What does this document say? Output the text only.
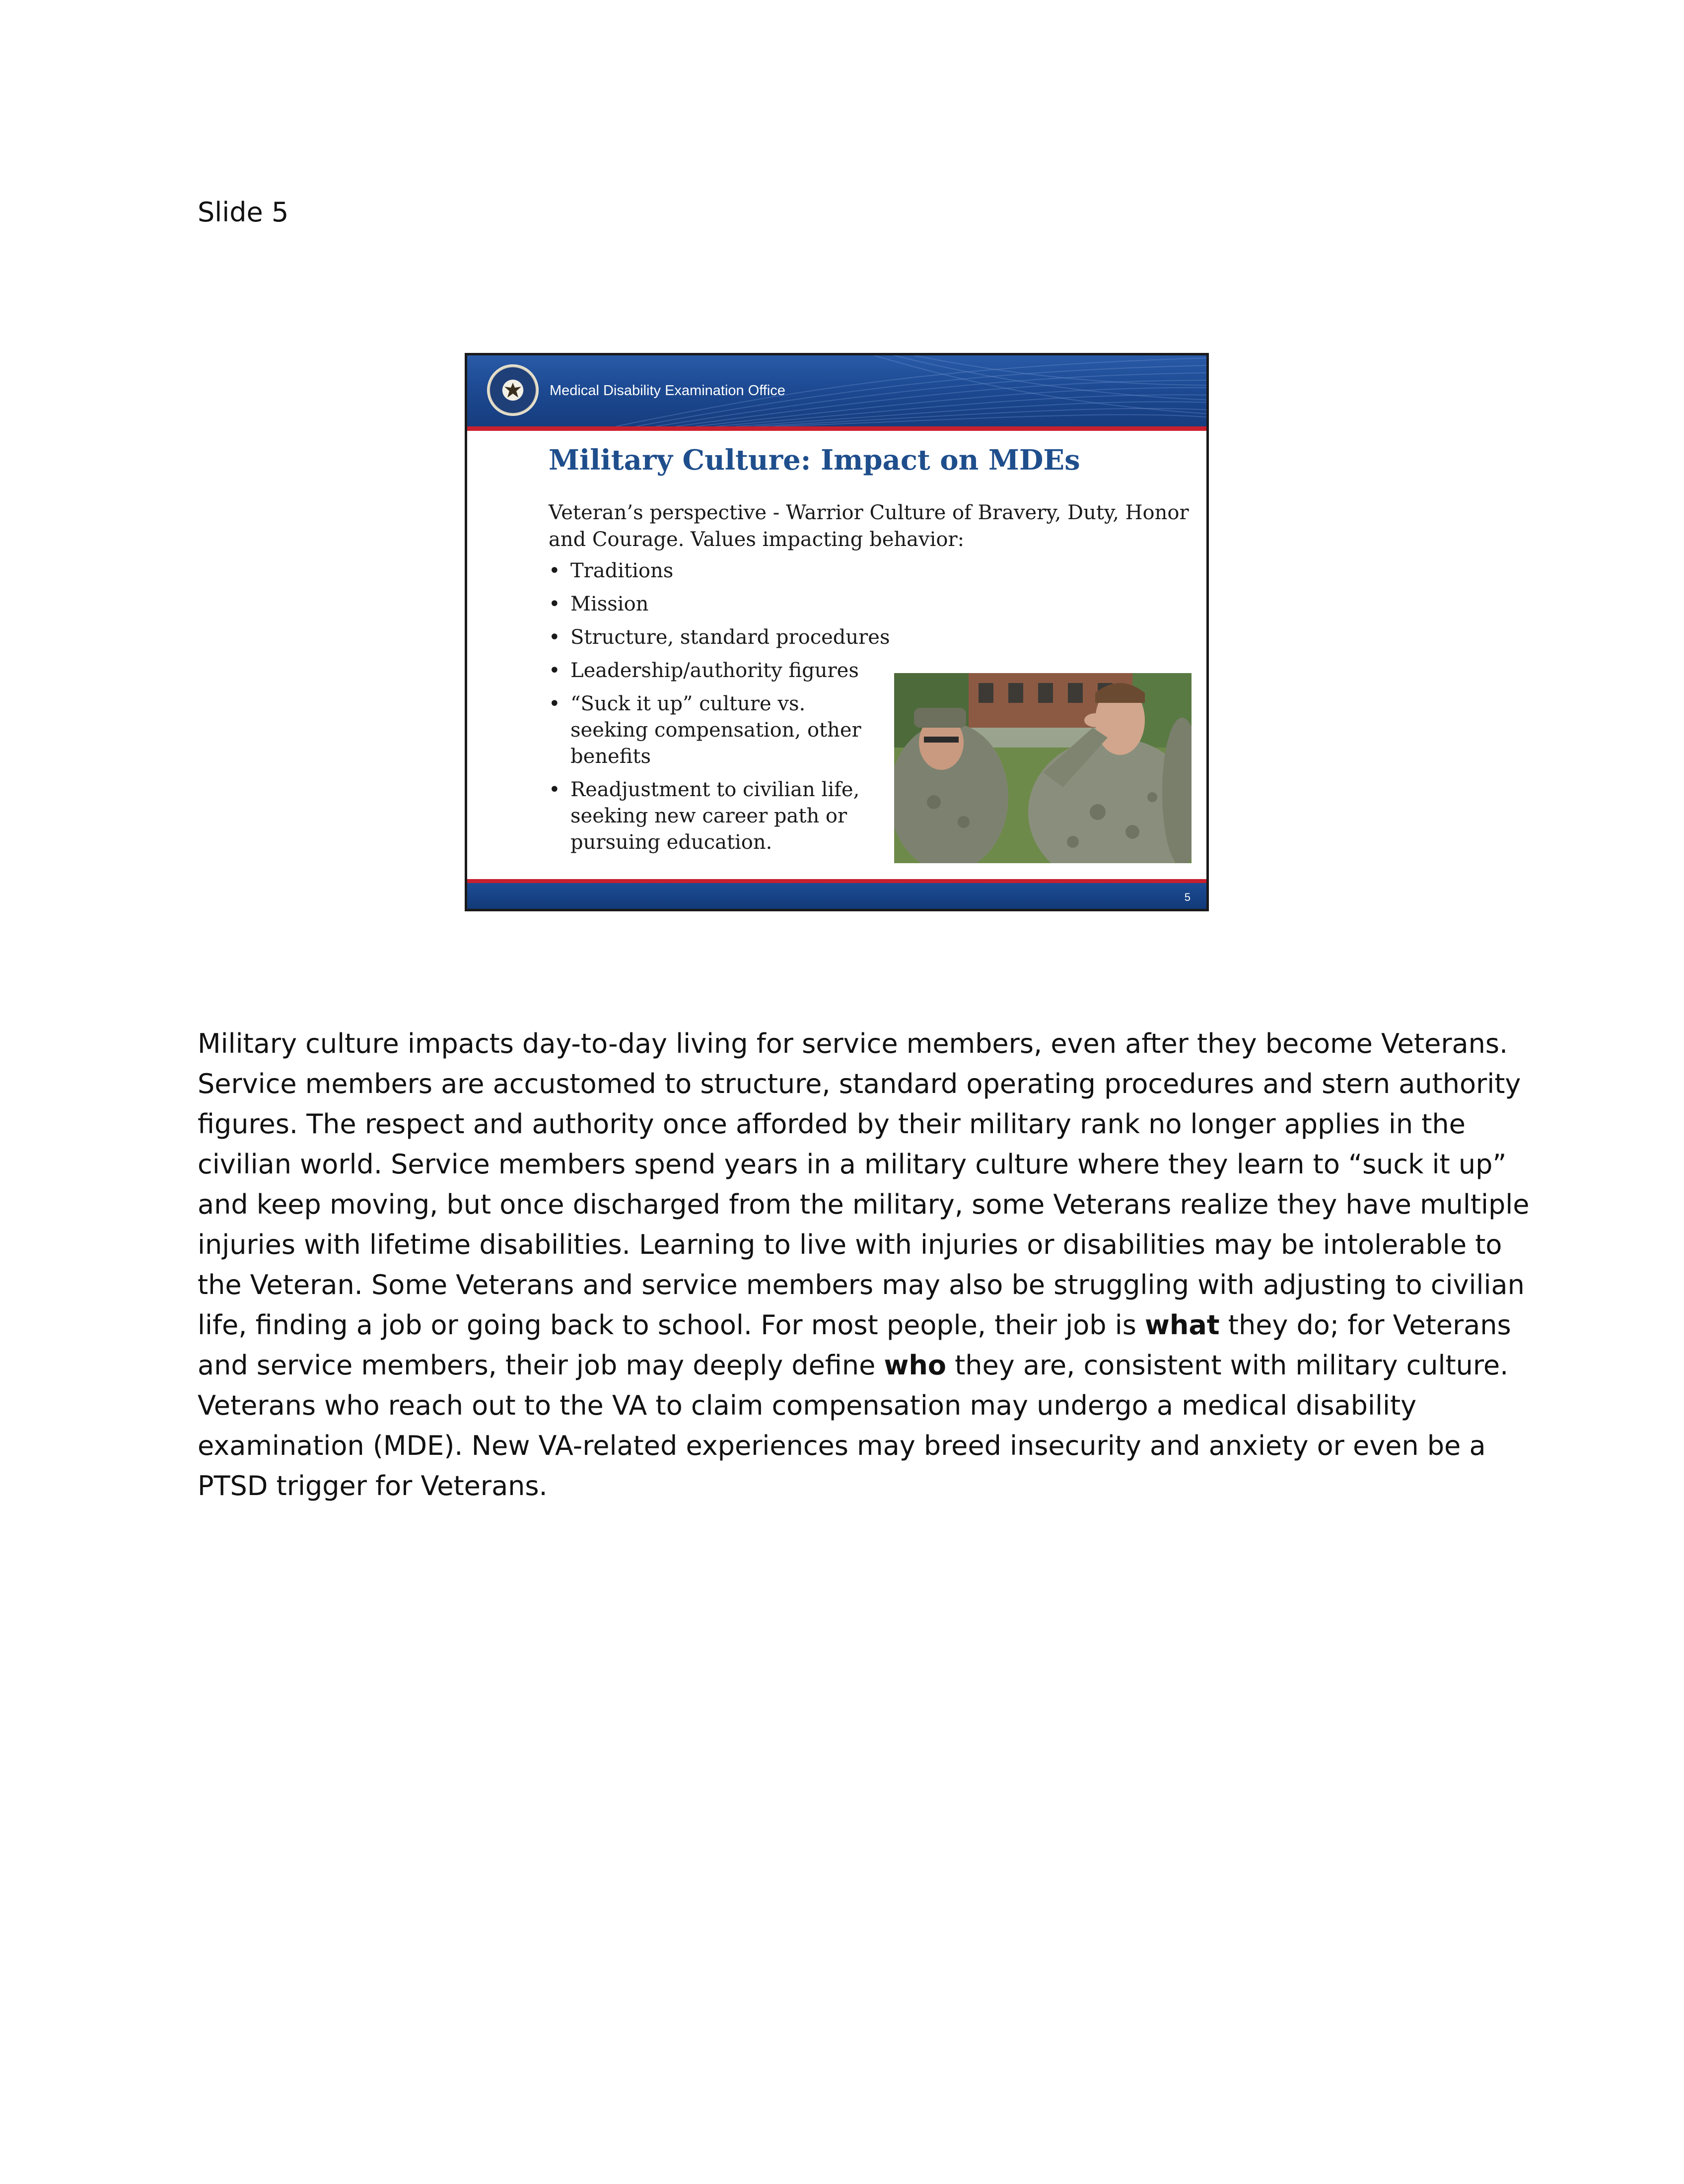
Slide 5
Medical Disability Examination Office
Military Culture: Impact on MDEs
Veteran’s perspective - Warrior Culture of Bravery, Duty, Honor and Courage. Values impacting behavior:
• Traditions
• Mission
• Structure, standard procedures
• Leadership/authority figures
• “Suck it up” culture vs. seeking compensation, other benefits
• Readjustment to civilian life, seeking new career path or pursuing education.
5

Military culture impacts day-to-day living for service members, even after they become Veterans. Service members are accustomed to structure, standard operating procedures and stern authority figures. The respect and authority once afforded by their military rank no longer applies in the civilian world. Service members spend years in a military culture where they learn to “suck it up” and keep moving, but once discharged from the military, some Veterans realize they have multiple injuries with lifetime disabilities. Learning to live with injuries or disabilities may be intolerable to the Veteran. Some Veterans and service members may also be struggling with adjusting to civilian life, finding a job or going back to school. For most people, their job is what they do; for Veterans and service members, their job may deeply define who they are, consistent with military culture. Veterans who reach out to the VA to claim compensation may undergo a medical disability examination (MDE). New VA-related experiences may breed insecurity and anxiety or even be a PTSD trigger for Veterans.
